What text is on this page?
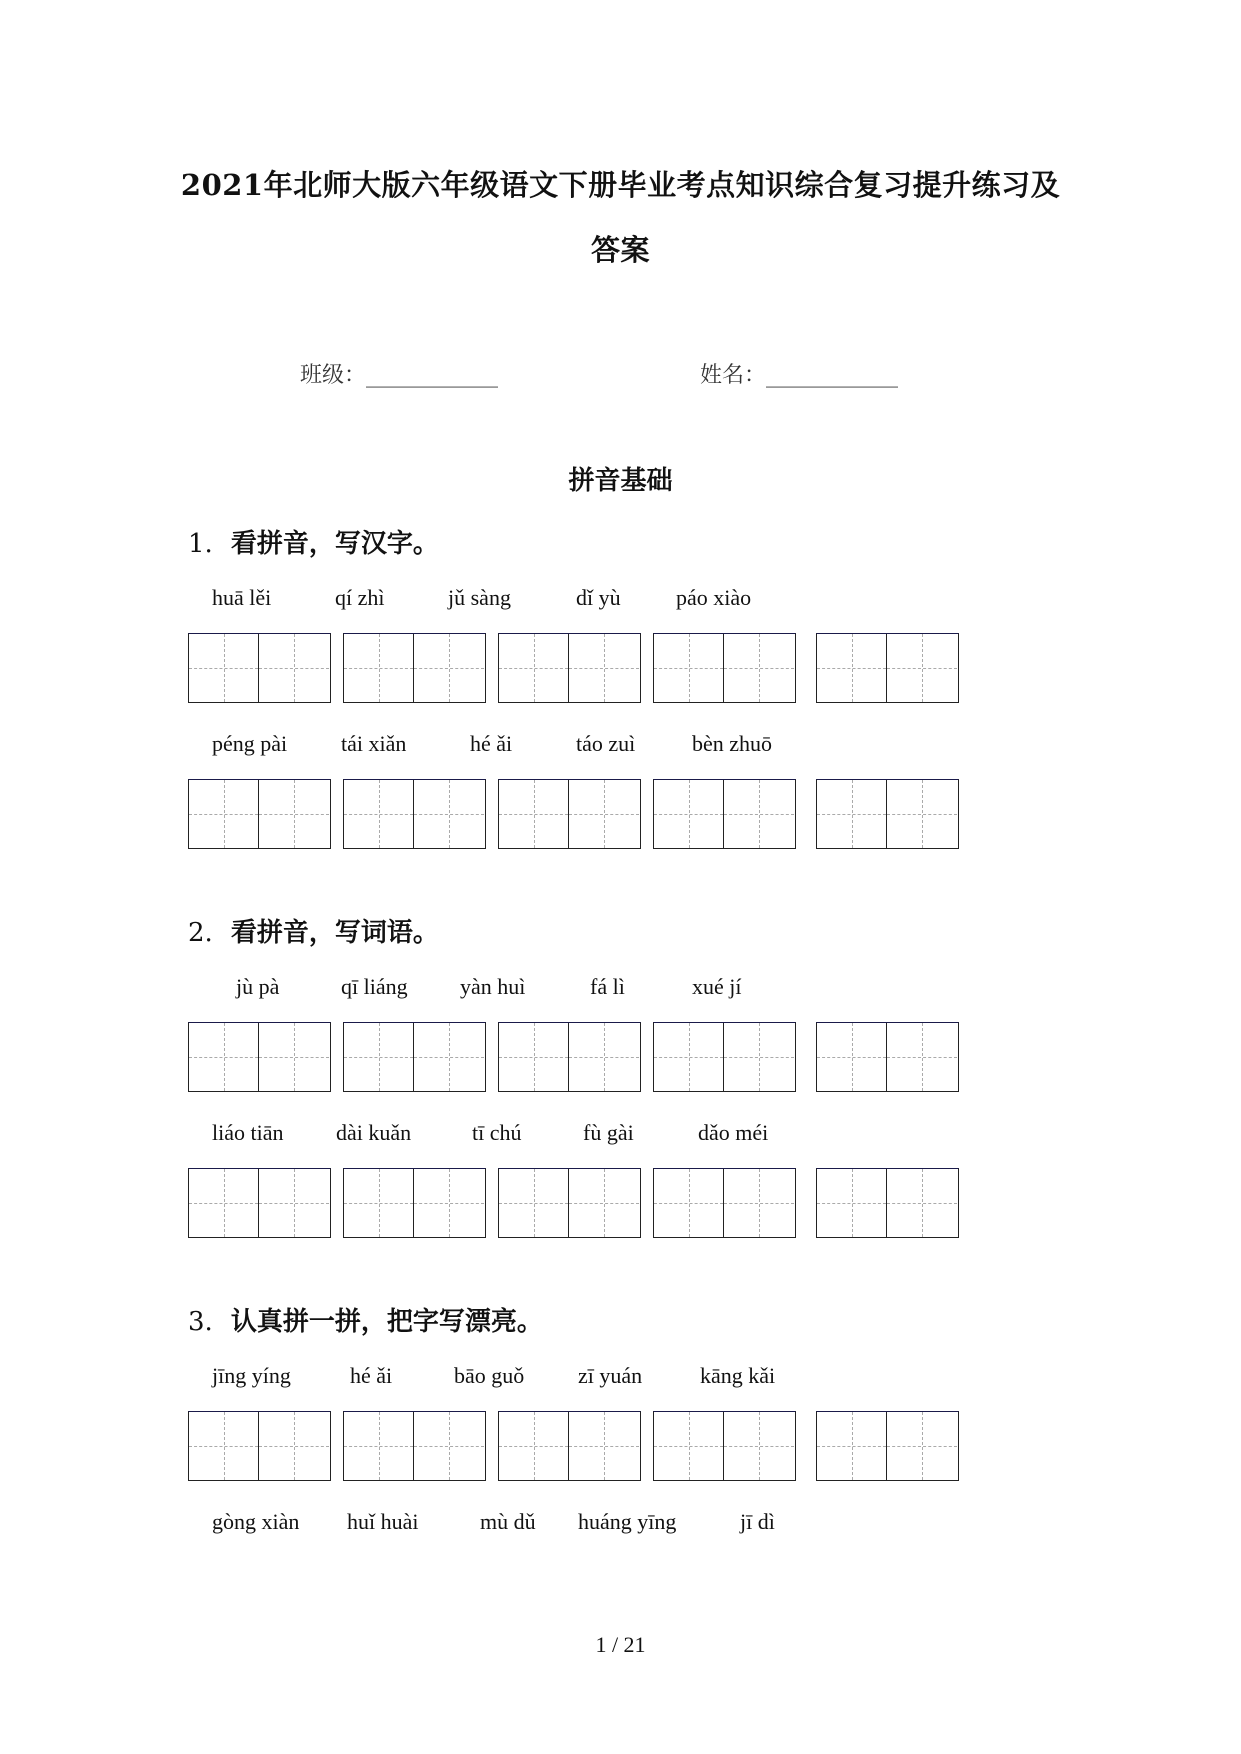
2021年北师大版六年级语文下册毕业考点知识综合复习提升练习及
答案
班级：____________	姓名：____________
拼音基础
1. 看拼音，写汉字。
huā lěi	qí zhì	jǔ sàng	dǐ yù	páo xiào
péng pài tái xiǎn	hé ǎi	táo zuì	bèn zhuō
2. 看拼音，写词语。
jù pà	qī liáng yàn huì	fá lì	xué jí
liáo tiān dài kuǎn	tī chú	fù gài	dǎo méi
3. 认真拼一拼，把字写漂亮。
jīng yíng	hé ǎi	bāo guǒ zī yuán	kāng kǎi
gòng xiàn huǐ huài	mù dǔ huáng yīng	jī dì
1 / 21
